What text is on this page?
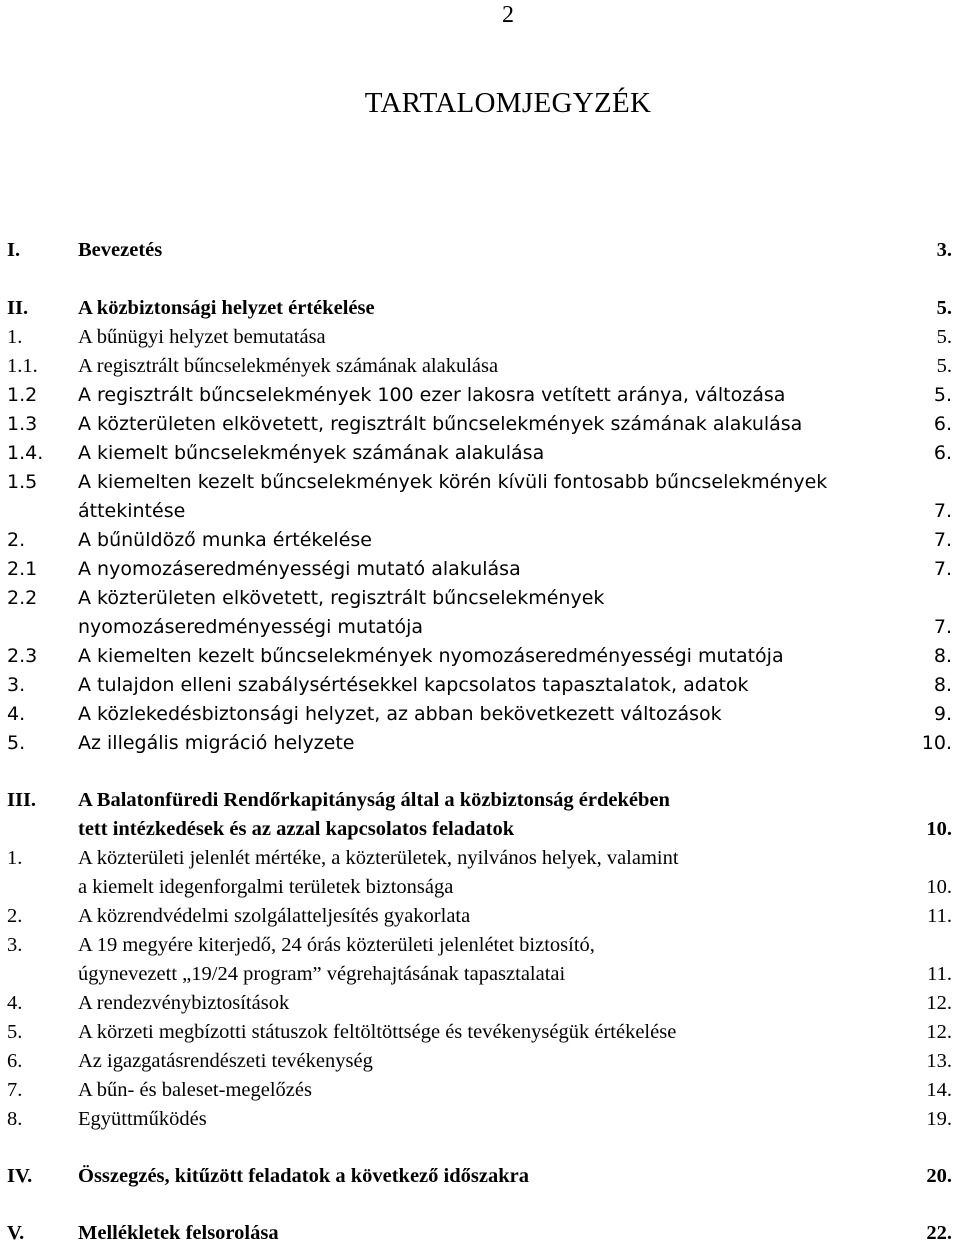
2
TARTALOMJEGYZÉK
I.	Bevezetés	3.
II. A közbiztonsági helyzet értékelése	5.
1.	A bűnügyi helyzet bemutatása	5.
1.1. A regisztrált bűncselekmények számának alakulása	5.
1.2 A regisztrált bűncselekmények 100 ezer lakosra vetített aránya, változása	5.
1.3 A közterületen elkövetett, regisztrált bűncselekmények számának alakulása	6.
1.4. A kiemelt bűncselekmények számának alakulása	6.
1.5 A kiemelten kezelt bűncselekmények körén kívüli fontosabb bűncselekmények
áttekintése	7.
2.	A bűnüldöző munka értékelése	7.
2.1 A nyomozáseredményességi mutató alakulása	7.
2.2 A közterületen elkövetett, regisztrált bűncselekmények
nyomozáseredményességi mutatója	7.
2.3 A kiemelten kezelt bűncselekmények nyomozáseredményességi mutatója	8.
3.	A tulajdon elleni szabálysértésekkel kapcsolatos tapasztalatok, adatok	8.
4.	A közlekedésbiztonsági helyzet, az abban bekövetkezett változások	9.
5.	Az illegális migráció helyzete	10.
III. A Balatonfüredi Rendőrkapitányság által a közbiztonság érdekében
tett intézkedések és az azzal kapcsolatos feladatok	10.
1.	A közterületi jelenlét mértéke, a közterületek, nyilvános helyek, valamint
a kiemelt idegenforgalmi területek biztonsága	10.
2.	A közrendvédelmi szolgálatteljesítés gyakorlata	11.
3.	A 19 megyére kiterjedő, 24 órás közterületi jelenlétet biztosító,
úgynevezett „19/24 program” végrehajtásának tapasztalatai	11.
4.	A rendezvénybiztosítások	12.
5.	A körzeti megbízotti státuszok feltöltöttsége és tevékenységük értékelése	12.
6.	Az igazgatásrendészeti tevékenység	13.
7.	A bűn- és baleset-megelőzés	14.
8.	Együttműködés	19.
IV. Összegzés, kitűzött feladatok a következő időszakra	20.
V.	Mellékletek felsorolása	22.
